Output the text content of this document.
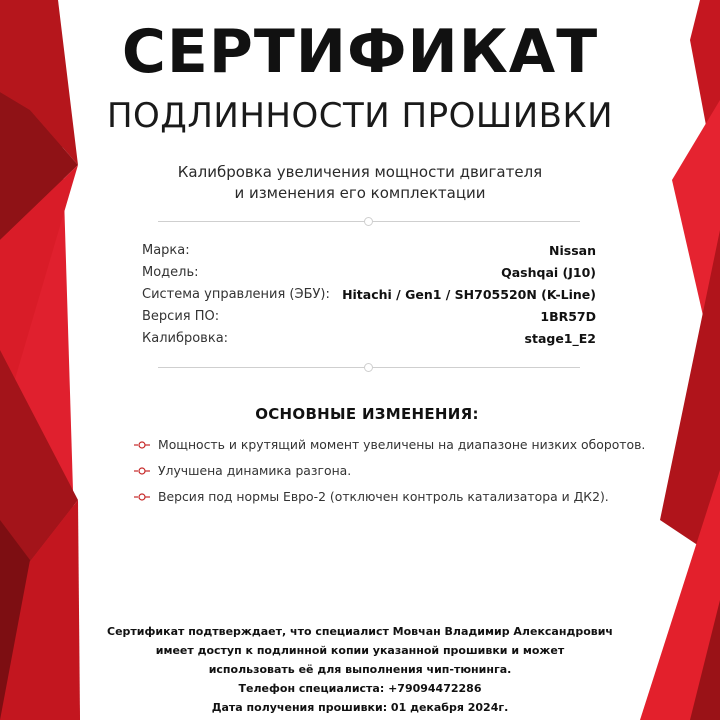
СЕРТИФИКАТ
ПОДЛИННОСТИ ПРОШИВКИ
Калибровка увеличения мощности двигателя
и изменения его комплектации
Марка:	Nissan
Модель:	Qashqai (J10)
Система управления (ЭБУ): Hitachi / Gen1 / SH705520N (K-Line)
Версия ПО:	1BR57D
Калибровка:	stage1_E2
ОСНОВНЫЕ ИЗМЕНЕНИЯ:
Мощность и крутящий момент увеличены на диапазоне низких оборотов.
Улучшена динамика разгона.
Версия под нормы Евро-2 (отключен контроль катализатора и ДК2).
Сертификат подтверждает, что специалист Мовчан Владимир Александрович
имеет доступ к подлинной копии указанной прошивки и может
использовать её для выполнения чип-тюнинга.
Телефон специалиста: +79094472286
Дата получения прошивки: 01 декабря 2024г.
